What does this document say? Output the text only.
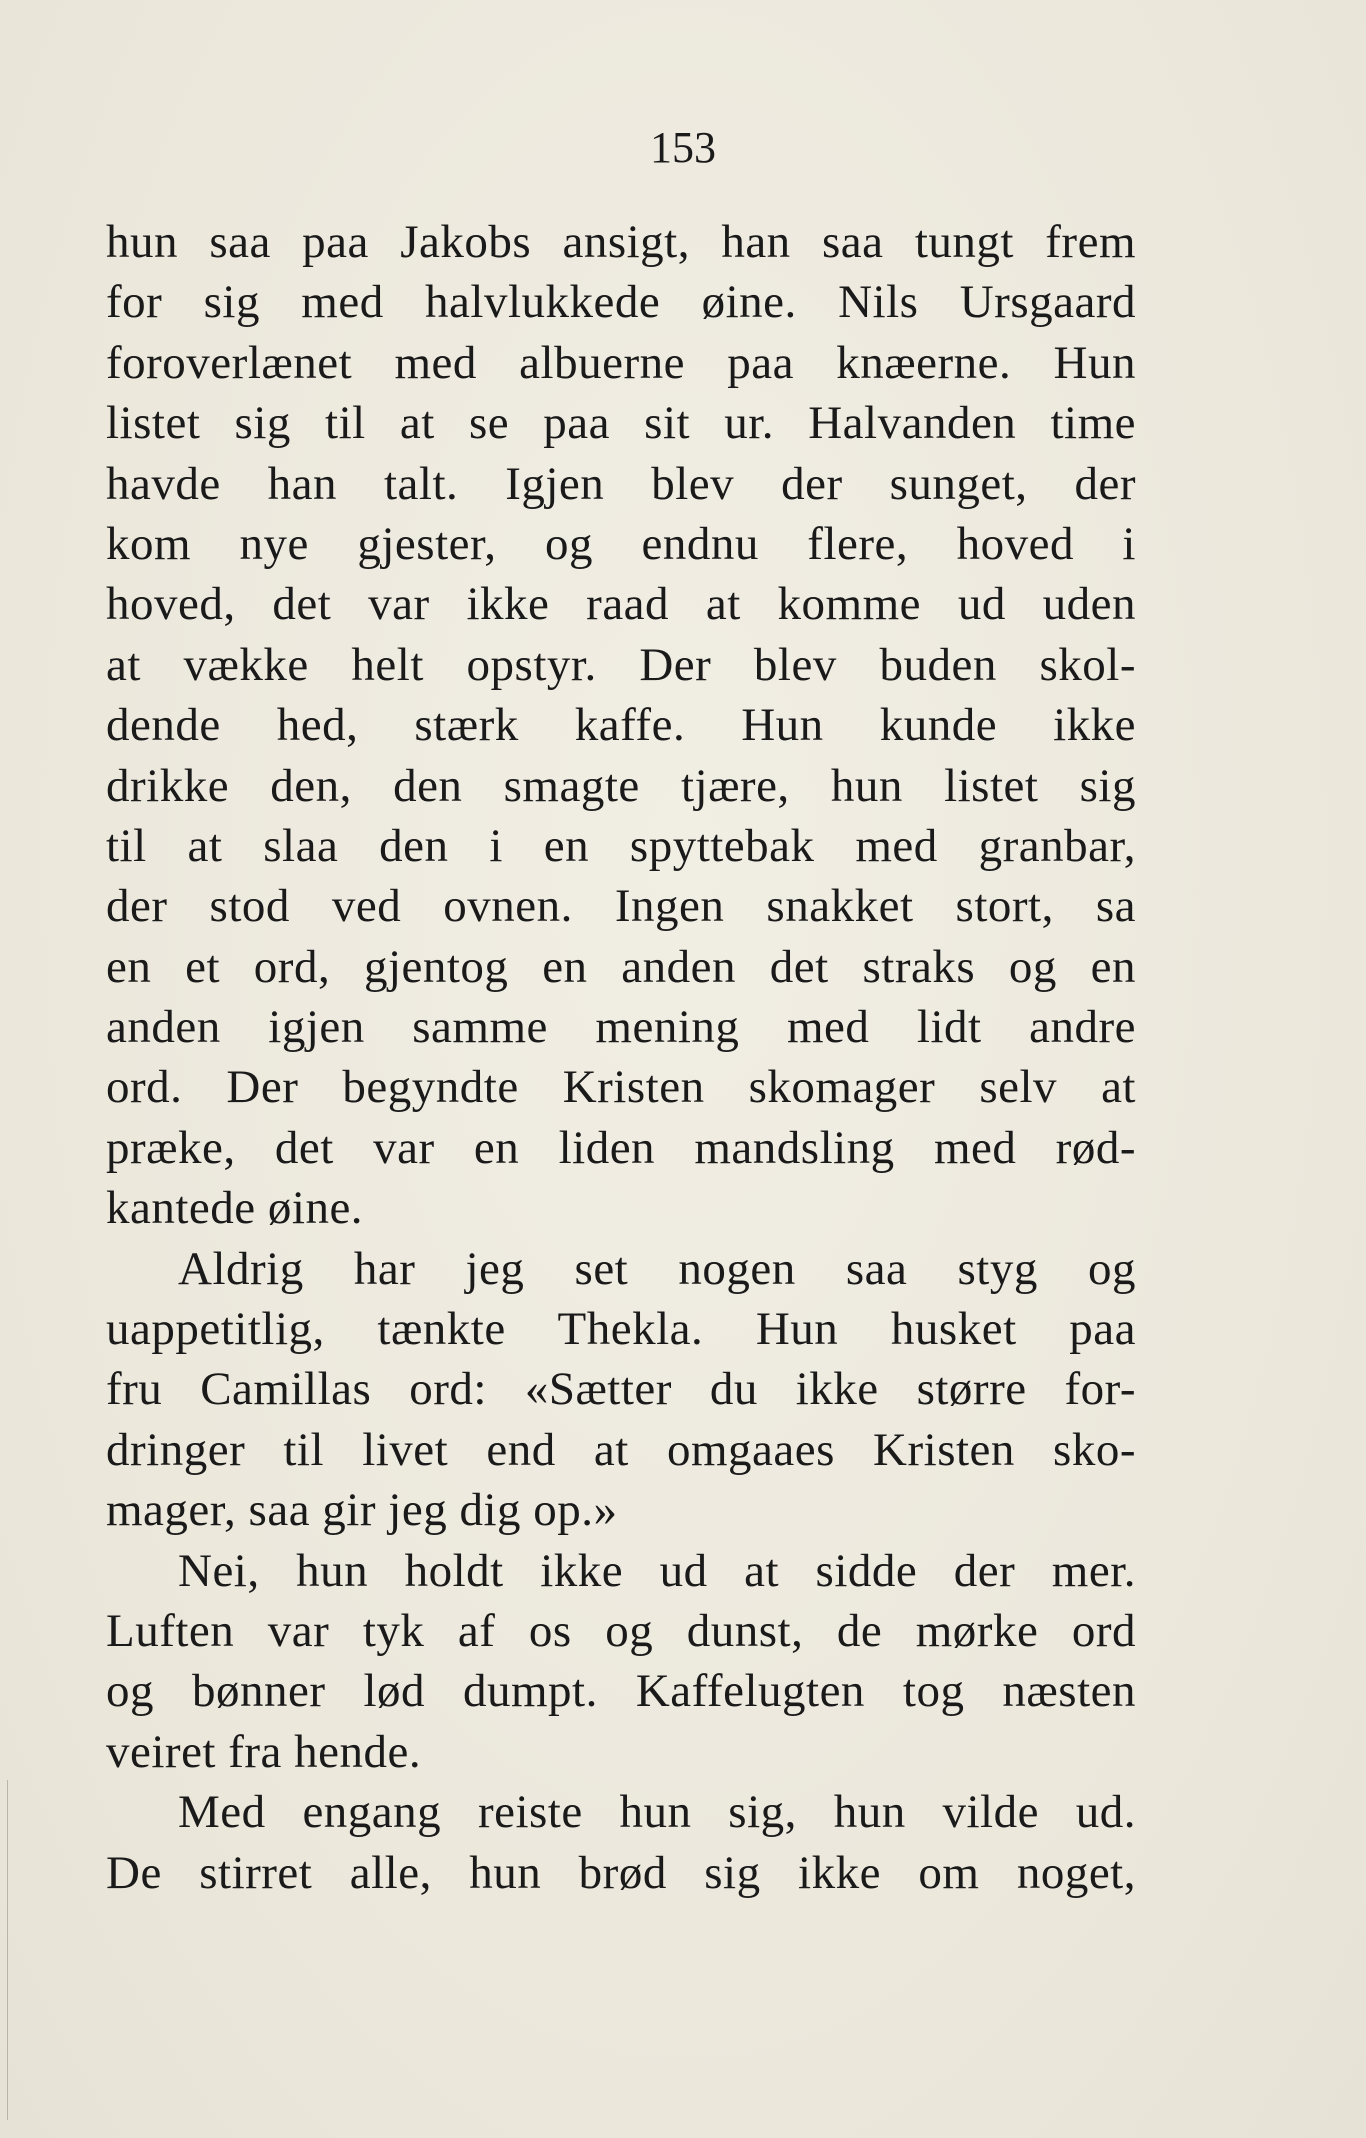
153
hun saa paa Jakobs ansigt, han saa tungt frem
for sig med halvlukkede øine. Nils Ursgaard
foroverlænet med albuerne paa knæerne. Hun
listet sig til at se paa sit ur. Halvanden time
havde han talt. Igjen blev der sunget, der
kom nye gjester, og endnu flere, hoved i
hoved, det var ikke raad at komme ud uden
at vække helt opstyr. Der blev buden skol-
dende hed, stærk kaffe. Hun kunde ikke
drikke den, den smagte tjære, hun listet sig
til at slaa den i en spyttebak med granbar,
der stod ved ovnen. Ingen snakket stort, sa
en et ord, gjentog en anden det straks og en
anden igjen samme mening med lidt andre
ord. Der begyndte Kristen skomager selv at
præke, det var en liden mandsling med rød-
kantede øine.
Aldrig har jeg set nogen saa styg og
uappetitlig, tænkte Thekla. Hun husket paa
fru Camillas ord: «Sætter du ikke større for-
dringer til livet end at omgaaes Kristen sko-
mager, saa gir jeg dig op.»
Nei, hun holdt ikke ud at sidde der mer.
Luften var tyk af os og dunst, de mørke ord
og bønner lød dumpt. Kaffelugten tog næsten
veiret fra hende.
Med engang reiste hun sig, hun vilde ud.
De stirret alle, hun brød sig ikke om noget,
